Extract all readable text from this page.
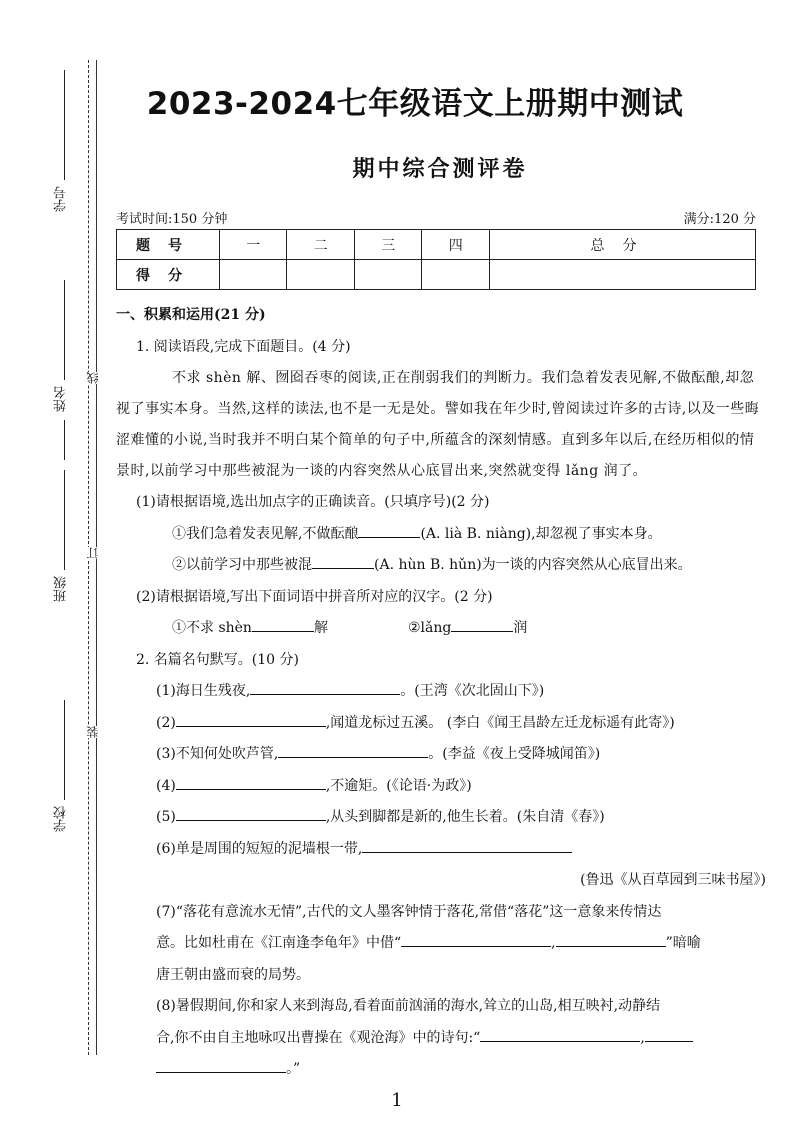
学号
姓名
班级
学校
线
订
装
2023-2024七年级语文上册期中测试
期中综合测评卷
考试时间:150 分钟	满分:120 分
题号	一	二	三	四	总分
得分					

一、积累和运用(21 分)

1. 阅读语段,完成下面题目。(4 分)

不求 shèn 解、囫囵吞枣的阅读,正在削弱我们的判断力。我们急着发表见解,不做酝酿,却忽视了事实本身。当然,这样的读法,也不是一无是处。譬如我在年少时,曾阅读过许多的古诗,以及一些晦涩难懂的小说,当时我并不明白某个简单的句子中,所蕴含的深刻情感。直到多年以后,在经历相似的情景时,以前学习中那些被混为一谈的内容突然从心底冒出来,突然就变得 lǎng 润了。

(1)请根据语境,选出加点字的正确读音。(只填序号)(2 分)

①我们急着发表见解,不做酝酿	(A. lià B. niàng),却忽视了事实本身。

②以前学习中那些被混	(A. hùn B. hǔn)为一谈的内容突然从心底冒出来。

(2)请根据语境,写出下面词语中拼音所对应的汉字。(2 分)

①不求 shèn	解	②lǎng	润

2. 名篇名句默写。(10 分)

(1)海日生残夜,	。(王湾《次北固山下》)

(2)	,闻道龙标过五溪。 (李白《闻王昌龄左迁龙标遥有此寄》)

(3)不知何处吹芦管,	。(李益《夜上受降城闻笛》)

(4)	,不逾矩。(《论语·为政》)

(5)	,从头到脚都是新的,他生长着。(朱自清《春》)

(6)单是周围的短短的泥墙根一带,

(鲁迅《从百草园到三味书屋》)

(7)“落花有意流水无情”,古代的文人墨客钟情于落花,常借“落花”这一意象来传情达

意。比如杜甫在《江南逢李龟年》中借“	,	”暗喻

唐王朝由盛而衰的局势。

(8)暑假期间,你和家人来到海岛,看着面前汹涌的海水,耸立的山岛,相互映衬,动静结

合,你不由自主地咏叹出曹操在《观沧海》中的诗句:“	,

。”

1
